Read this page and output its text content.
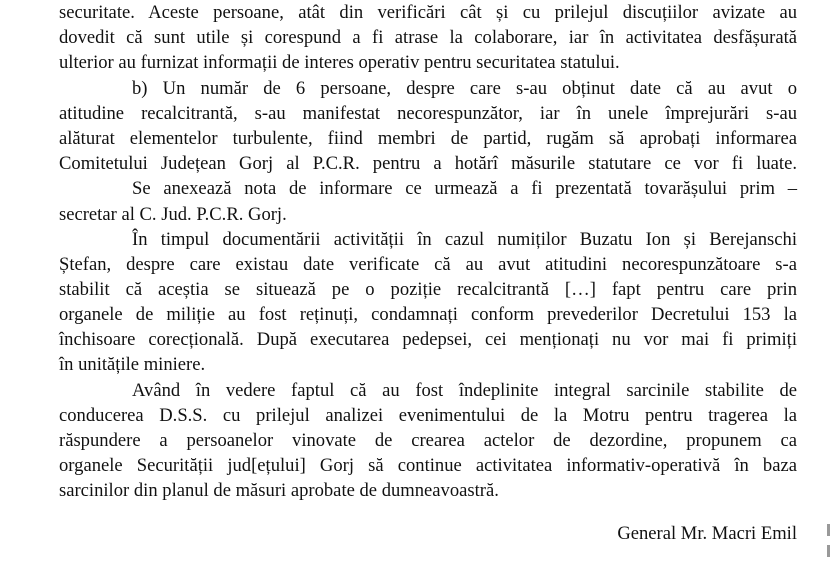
securitate. Aceste persoane, atât din verificări cât și cu prilejul discuțiilor avizate au
dovedit că sunt utile și corespund a fi atrase la colaborare, iar în activitatea desfășurată
ulterior au furnizat informații de interes operativ pentru securitatea statului.
b) Un număr de 6 persoane, despre care s-au obținut date că au avut o
atitudine recalcitrantă, s-au manifestat necorespunzător, iar în unele împrejurări s-au
alăturat elementelor turbulente, fiind membri de partid, rugăm să aprobați informarea
Comitetului Județean Gorj al P.C.R. pentru a hotărî măsurile statutare ce vor fi luate.
Se anexează nota de informare ce urmează a fi prezentată tovarășului prim –
secretar al C. Jud. P.C.R. Gorj.
În timpul documentării activității în cazul numiților Buzatu Ion și Berejanschi
Ștefan, despre care existau date verificate că au avut atitudini necorespunzătoare s-a
stabilit că aceștia se situează pe o poziție recalcitrantă […] fapt pentru care prin
organele de miliție au fost reținuți, condamnați conform prevederilor Decretului 153 la
închisoare corecțională. După executarea pedepsei, cei menționați nu vor mai fi primiți
în unitățile miniere.
Având în vedere faptul că au fost îndeplinite integral sarcinile stabilite de
conducerea D.S.S. cu prilejul analizei evenimentului de la Motru pentru tragerea la
răspundere a persoanelor vinovate de crearea actelor de dezordine, propunem ca
organele Securității jud[ețului] Gorj să continue activitatea informativ-operativă în baza
sarcinilor din planul de măsuri aprobate de dumneavoastră.
General Mr. Macri Emil
